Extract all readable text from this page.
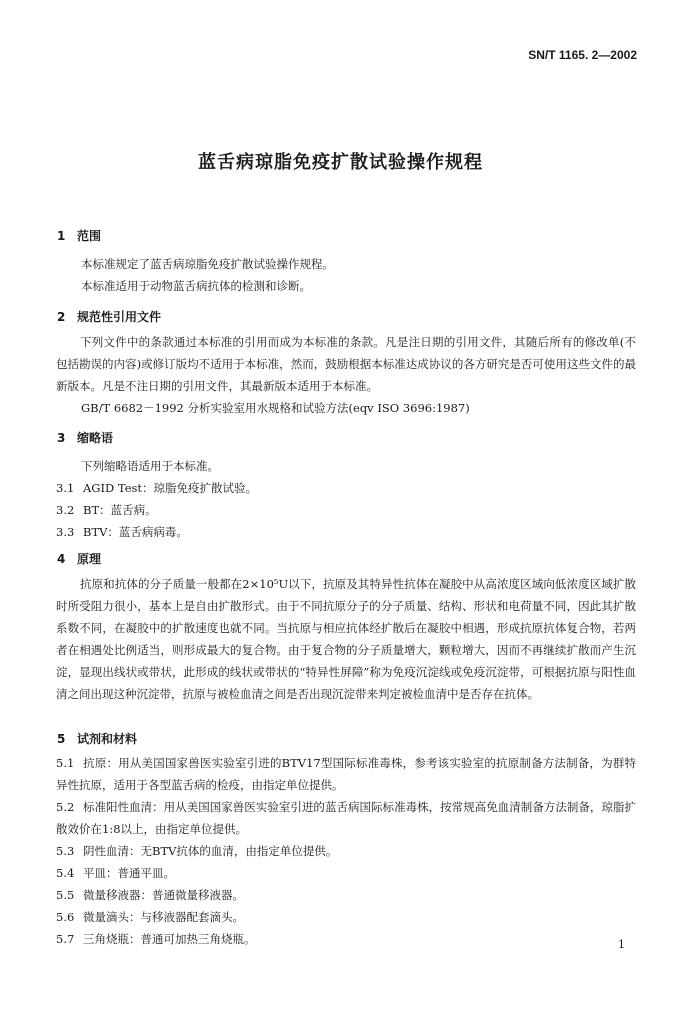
SN/T 1165. 2—2002
蓝舌病琼脂免疫扩散试验操作规程
1 范围
本标准规定了蓝舌病琼脂免疫扩散试验操作规程。
本标准适用于动物蓝舌病抗体的检测和诊断。
2 规范性引用文件
下列文件中的条款通过本标准的引用而成为本标准的条款。凡是注日期的引用文件，其随后所有的修改单(不包括勘误的内容)或修订版均不适用于本标准，然而，鼓励根据本标准达成协议的各方研究是否可使用这些文件的最新版本。凡是不注日期的引用文件，其最新版本适用于本标准。
GB/T 6682－1992 分析实验室用水规格和试验方法(eqv ISO 3696:1987)
3 缩略语
下列缩略语适用于本标准。
3.1 AGID Test：琼脂免疫扩散试验。
3.2 BT：蓝舌病。
3.3 BTV：蓝舌病病毒。
4 原理
抗原和抗体的分子质量一般都在2×10⁵U以下，抗原及其特异性抗体在凝胶中从高浓度区域向低浓度区域扩散时所受阻力很小，基本上是自由扩散形式。由于不同抗原分子的分子质量、结构、形状和电荷量不同，因此其扩散系数不同，在凝胶中的扩散速度也就不同。当抗原与相应抗体经扩散后在凝胶中相遇，形成抗原抗体复合物，若两者在相遇处比例适当，则形成最大的复合物。由于复合物的分子质量增大，颗粒增大，因而不再继续扩散而产生沉淀，显现出线状或带状，此形成的线状或带状的“特异性屏障”称为免疫沉淀线或免疫沉淀带，可根据抗原与阳性血清之间出现这种沉淀带，抗原与被检血清之间是否出现沉淀带来判定被检血清中是否存在抗体。
5 试剂和材料
5.1 抗原：用从美国国家兽医实验室引进的BTV17型国际标准毒株，参考该实验室的抗原制备方法制备，为群特异性抗原，适用于各型蓝舌病的检疫，由指定单位提供。
5.2 标准阳性血清：用从美国国家兽医实验室引进的蓝舌病国际标准毒株，按常规高免血清制备方法制备，琼脂扩散效价在1:8以上，由指定单位提供。
5.3 阴性血清：无BTV抗体的血清，由指定单位提供。
5.4 平皿：普通平皿。
5.5 微量移液器：普通微量移液器。
5.6 微量滴头：与移液器配套滴头。
5.7 三角烧瓶：普通可加热三角烧瓶。	1
